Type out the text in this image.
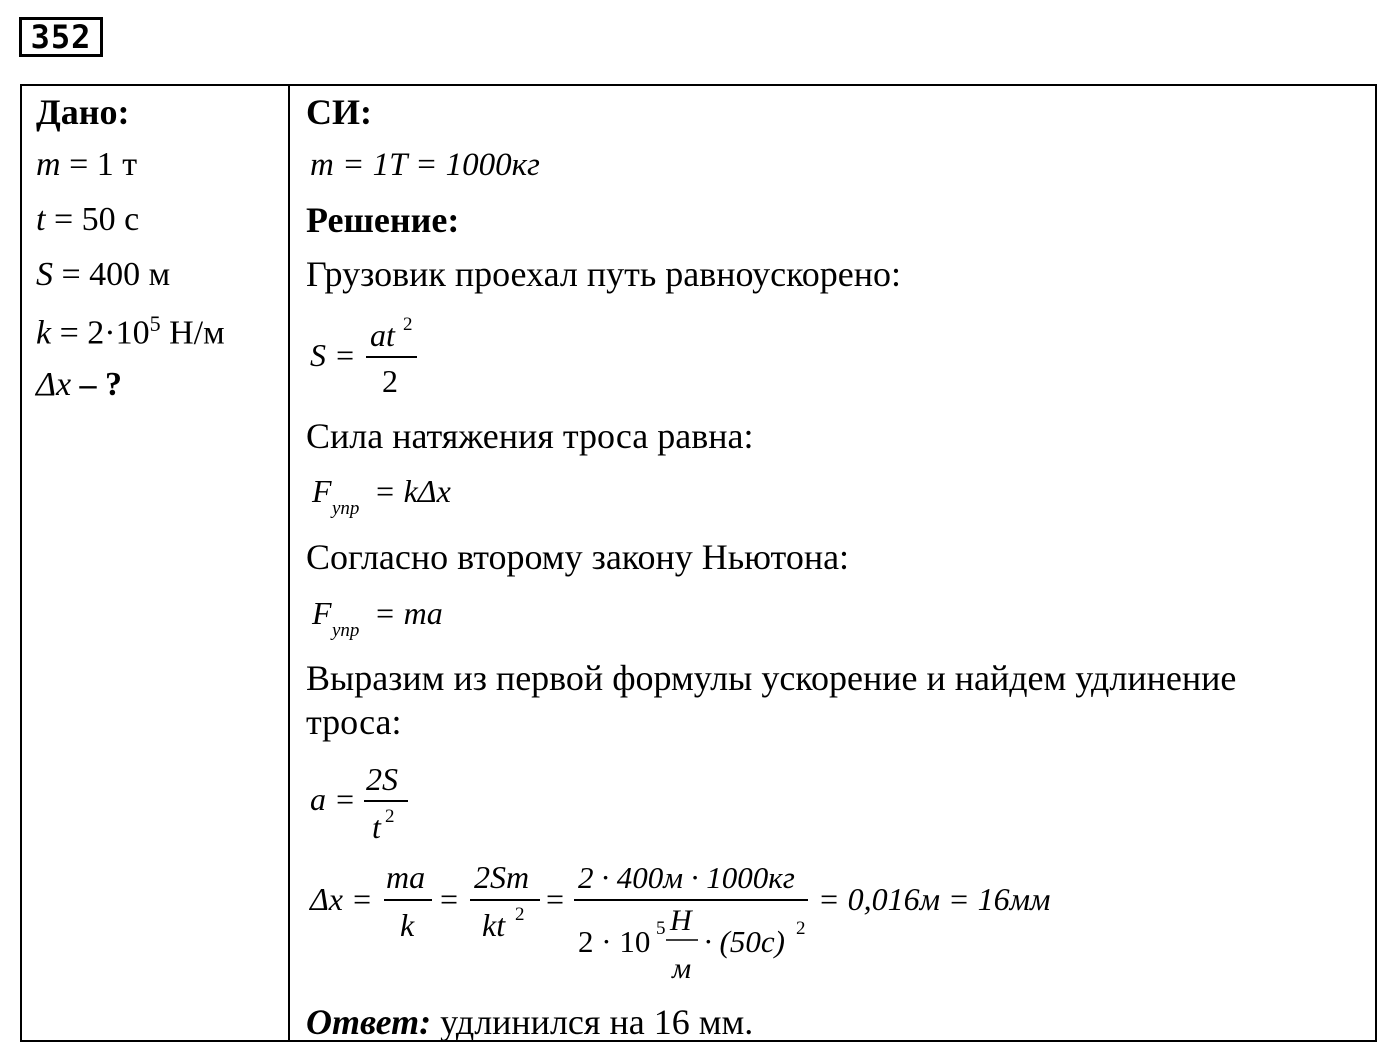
352
Дано:
m = 1 т
t = 50 с
S = 400 м
$k = 2\cdot 10^5$ Н/м
Δx – ?
СИ:
m = 1T = 1000кг
Решение:
Грузовик проехал путь равноускорено:
S =
at 2
2
Сила натяжения троса равна:
F упр = kΔx
Согласно второму закону Ньютона:
F упр = ma
Выразим из первой формулы ускорение и найдем удлинение
троса:
a =
2S
t 2
Δx =
ma
k
=
2Sm
kt 2 =
2 · 400м · 1000кг
2 · 10 5 H
м
· (50с) 2
= 0,016м = 16мм
Ответ: удлинился на 16 мм.
